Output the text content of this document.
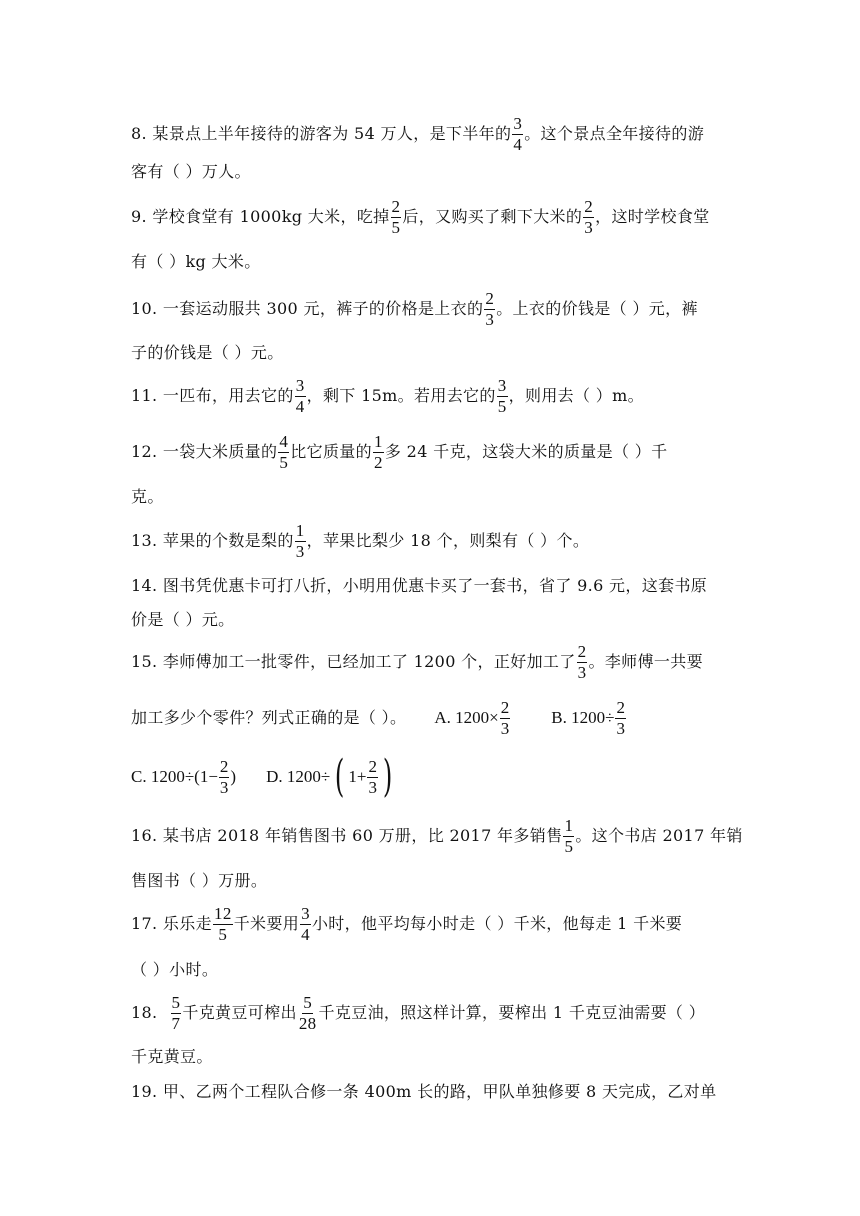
8. 某景点上半年接待的游客为 54 万人，是下半年的 $\frac{3}{4}$ 。这个景点全年接待的游
客有（ ）万人。
9. 学校食堂有 1000kg 大米，吃掉 $\frac{2}{5}$ 后，又购买了剩下大米的 $\frac{2}{3}$ ，这时学校食堂
有（ ）kg 大米。
10. 一套运动服共 300 元，裤子的价格是上衣的 $\frac{2}{3}$ 。上衣的价钱是（ ）元，裤
子的价钱是（ ）元。
11. 一匹布，用去它的 $\frac{3}{4}$ ，剩下 15m。若用去它的 $\frac{3}{5}$ ，则用去（ ）m。
12. 一袋大米质量的 $\frac{4}{5}$ 比它质量的 $\frac{1}{2}$ 多 24 千克，这袋大米的质量是（ ）千
克。
13. 苹果的个数是梨的 $\frac{1}{3}$ ，苹果比梨少 18 个，则梨有（ ）个。
14. 图书凭优惠卡可打八折，小明用优惠卡买了一套书，省了 9.6 元，这套书原
价是（ ）元。
15. 李师傅加工一批零件，已经加工了 1200 个，正好加工了 $\frac{2}{3}$ 。李师傅一共要
加工多少个零件？列式正确的是（ ）。 A. $1200\times \frac{2}{3} B$. $1200\div \frac{2}{3}$
C. $1200\div(1- \frac{2}{3}$ ) D. 1200÷ ( $1+ \frac{2}{3}$ )
16. 某书店 2018 年销售图书 60 万册，比 2017 年多销售 $\frac{1}{5}$ 。这个书店 2017 年销
售图书（ ）万册。
17. 乐乐走 $\frac{12}{5}$ 千米要用 $\frac{3}{4}$ 小时，他平均每小时走（ ）千米，他每走 1 千米要
（ ）小时。
18. $\frac{5}{7}$ 千克黄豆可榨出 $\frac{5}{28}$ 千克豆油，照这样计算，要榨出 1 千克豆油需要（ ）
千克黄豆。
19. 甲、乙两个工程队合修一条 400m 长的路，甲队单独修要 8 天完成，乙对单
